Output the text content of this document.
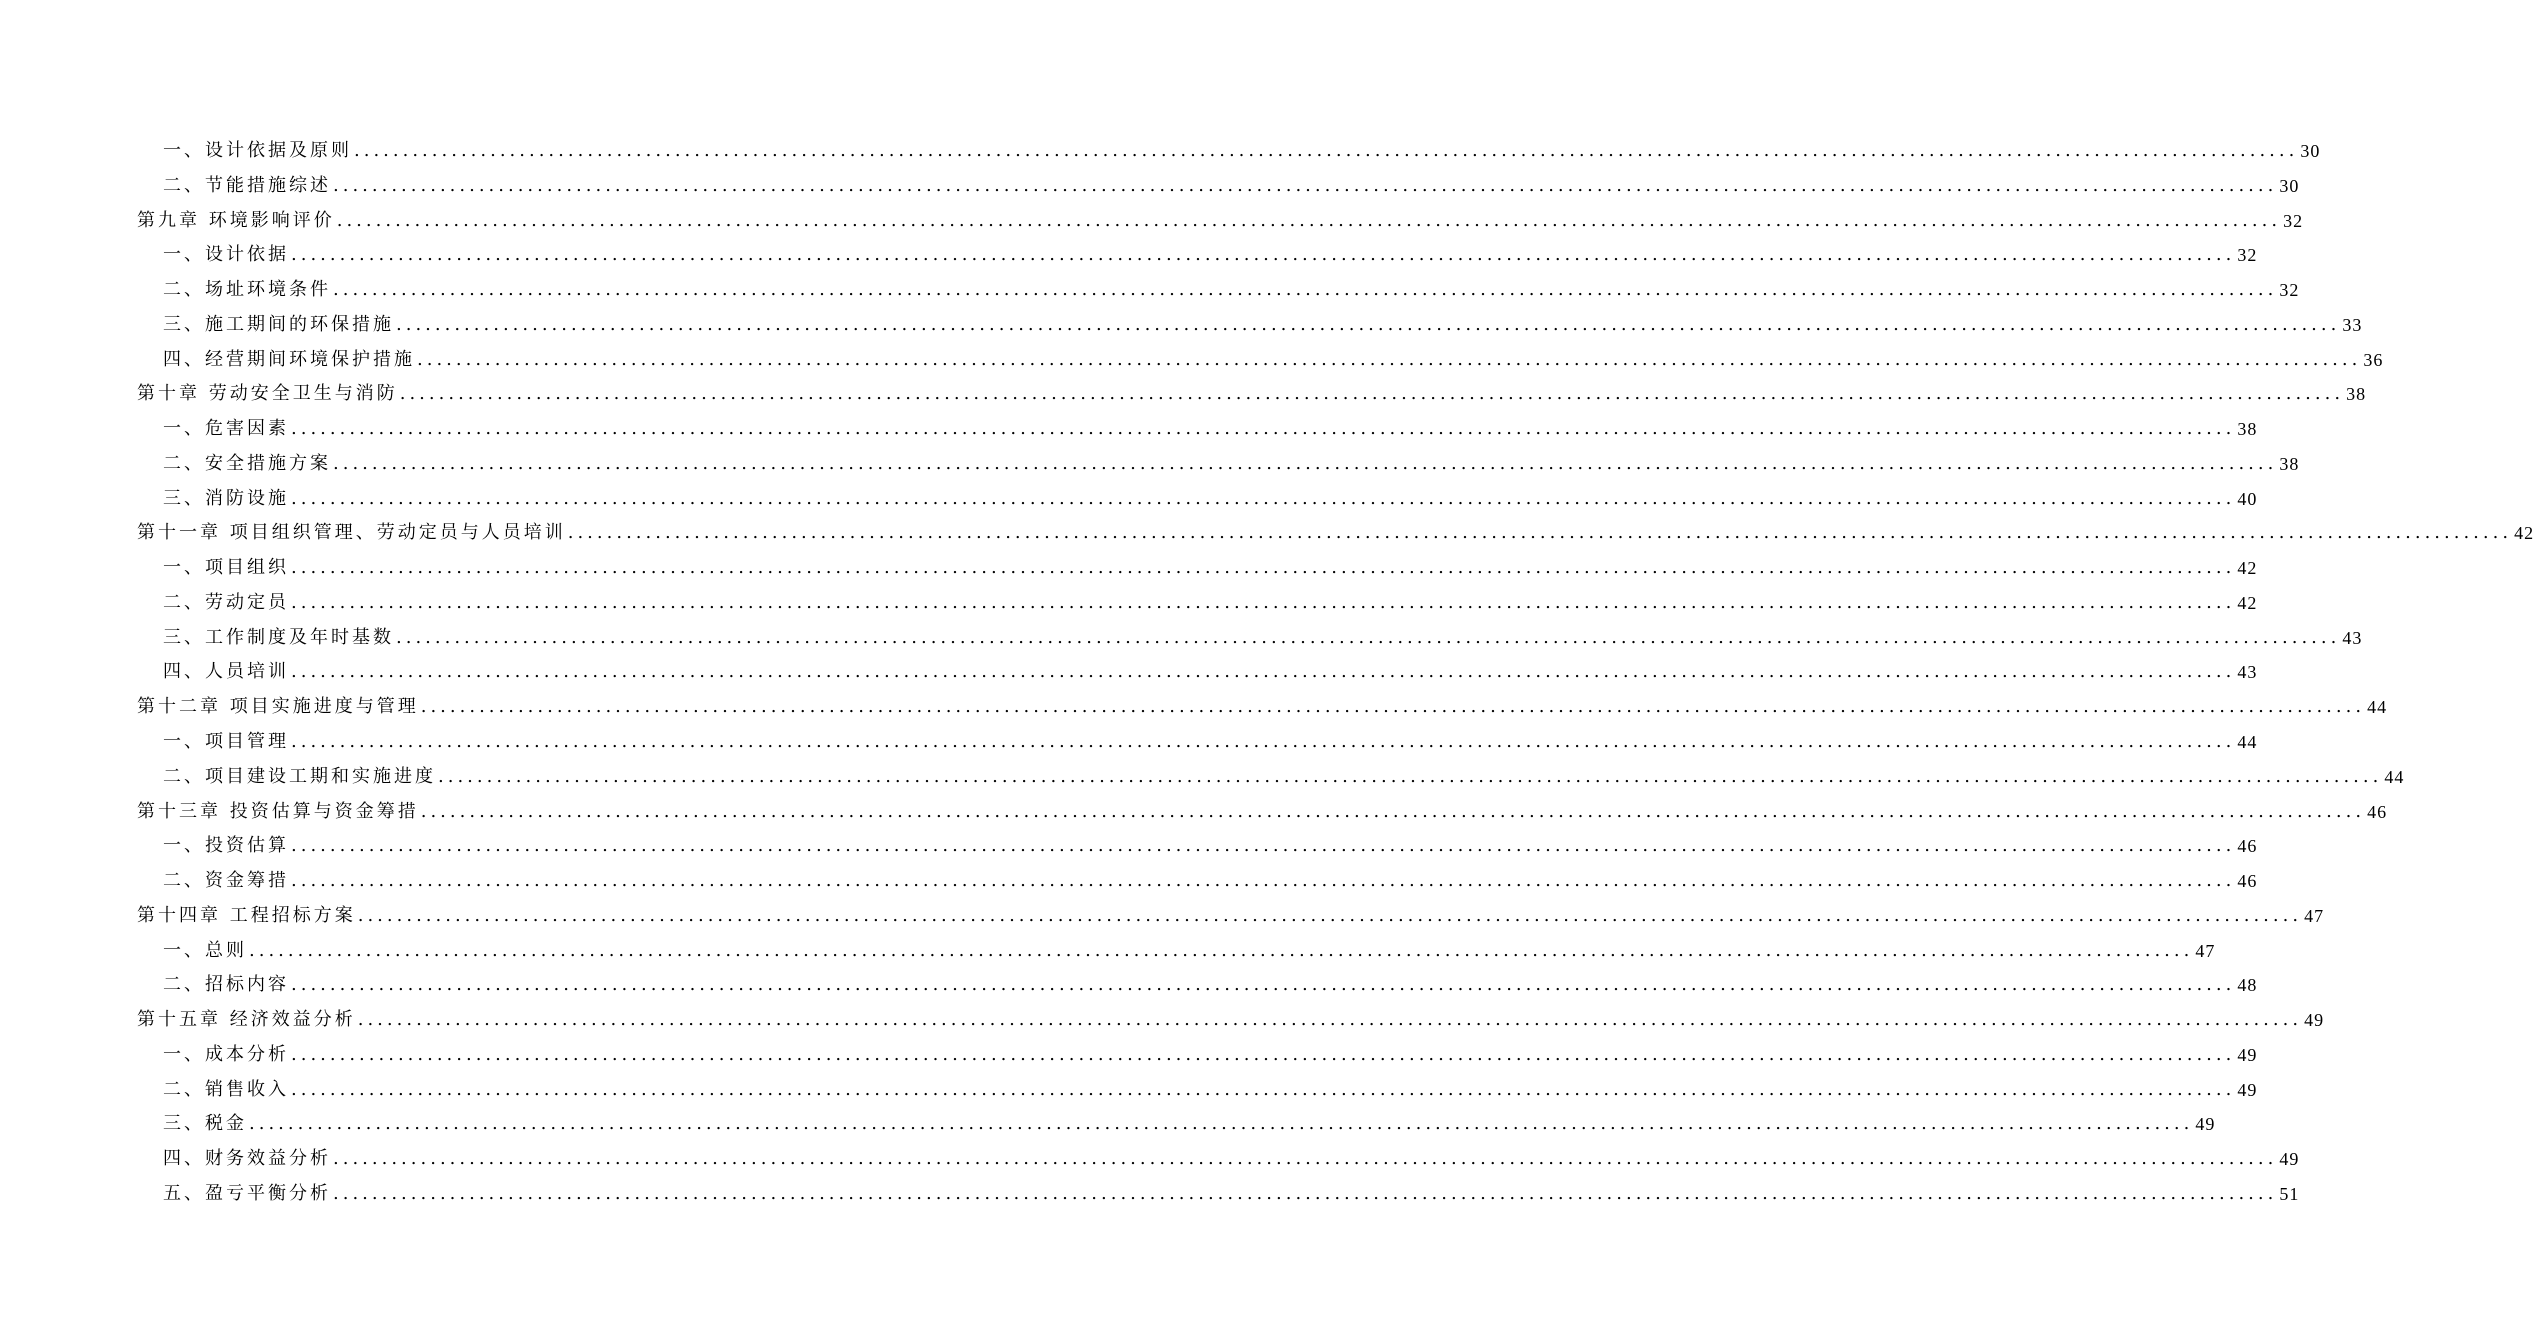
一、设计依据及原则 ........................................................................................................................................................................................................ 30
二、节能措施综述 ........................................................................................................................................................................................................ 30
第九章 环境影响评价 ........................................................................................................................................................................................................ 32
一、设计依据 ........................................................................................................................................................................................................ 32
二、场址环境条件 ........................................................................................................................................................................................................ 32
三、施工期间的环保措施 ........................................................................................................................................................................................................ 33
四、经营期间环境保护措施 ........................................................................................................................................................................................................ 36
第十章 劳动安全卫生与消防 ........................................................................................................................................................................................................ 38
一、危害因素 ........................................................................................................................................................................................................ 38
二、安全措施方案 ........................................................................................................................................................................................................ 38
三、消防设施 ........................................................................................................................................................................................................ 40
第十一章 项目组织管理、劳动定员与人员培训 ........................................................................................................................................................................................................ 42
一、项目组织 ........................................................................................................................................................................................................ 42
二、劳动定员 ........................................................................................................................................................................................................ 42
三、工作制度及年时基数 ........................................................................................................................................................................................................ 43
四、人员培训 ........................................................................................................................................................................................................ 43
第十二章 项目实施进度与管理 ........................................................................................................................................................................................................ 44
一、项目管理 ........................................................................................................................................................................................................ 44
二、项目建设工期和实施进度 ........................................................................................................................................................................................................ 44
第十三章 投资估算与资金筹措 ........................................................................................................................................................................................................ 46
一、投资估算 ........................................................................................................................................................................................................ 46
二、资金筹措 ........................................................................................................................................................................................................ 46
第十四章 工程招标方案 ........................................................................................................................................................................................................ 47
一、总则 ........................................................................................................................................................................................................ 47
二、招标内容 ........................................................................................................................................................................................................ 48
第十五章 经济效益分析 ........................................................................................................................................................................................................ 49
一、成本分析 ........................................................................................................................................................................................................ 49
二、销售收入 ........................................................................................................................................................................................................ 49
三、税金 ........................................................................................................................................................................................................ 49
四、财务效益分析 ........................................................................................................................................................................................................ 49
五、盈亏平衡分析 ........................................................................................................................................................................................................ 51
